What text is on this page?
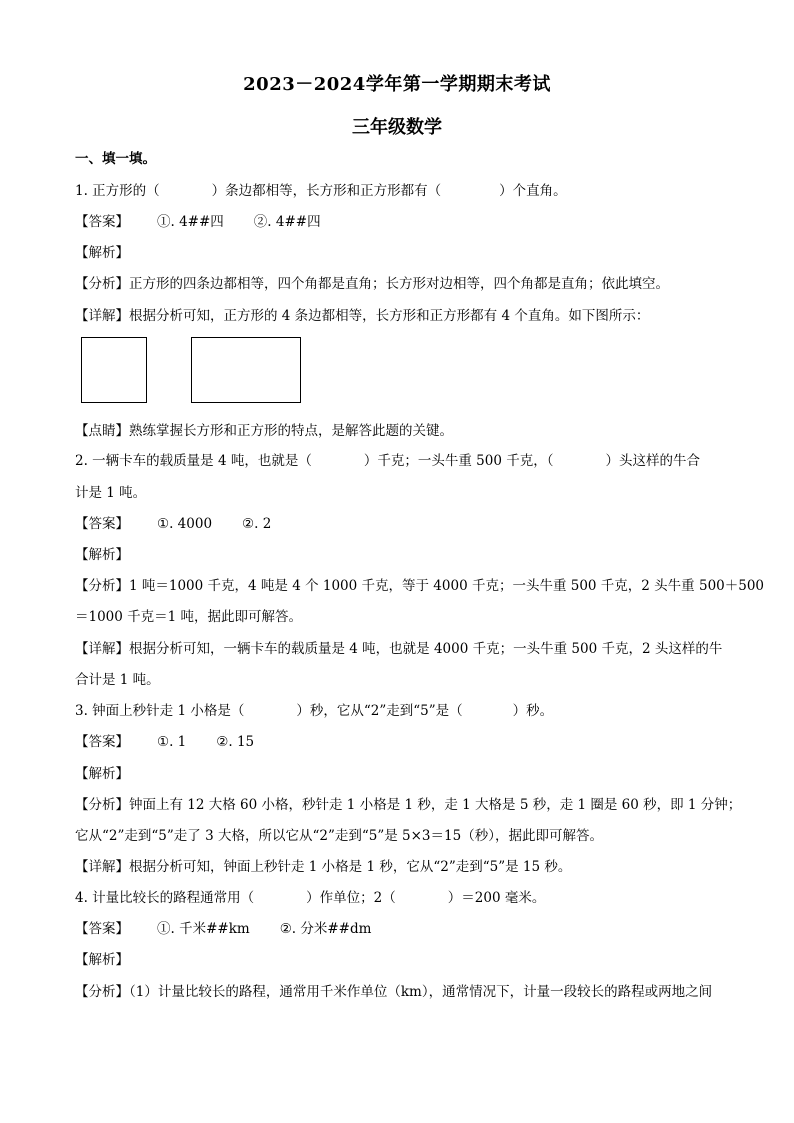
2023－2024学年第一学期期末考试
三年级数学
一、填一填。
1. 正方形的（	）条边都相等，长方形和正方形都有（	）个直角。
【答案】 ①. 4##四 ②. 4##四
【解析】
【分析】正方形的四条边都相等，四个角都是直角；长方形对边相等，四个角都是直角；依此填空。
【详解】根据分析可知，正方形的 4 条边都相等，长方形和正方形都有 4 个直角。如下图所示：
【点睛】熟练掌握长方形和正方形的特点，是解答此题的关键。
2. 一辆卡车的载质量是 4 吨，也就是（	）千克；一头牛重 500 千克，（	）头这样的牛合
计是 1 吨。
【答案】 ①. 4000 ②. 2
【解析】
【分析】1 吨＝1000 千克，4 吨是 4 个 1000 千克，等于 4000 千克；一头牛重 500 千克，2 头牛重 500＋500
＝1000 千克＝1 吨，据此即可解答。
【详解】根据分析可知，一辆卡车的载质量是 4 吨，也就是 4000 千克；一头牛重 500 千克，2 头这样的牛
合计是 1 吨。
3. 钟面上秒针走 1 小格是（	）秒，它从“2”走到“5”是（	）秒。
【答案】 ①. 1 ②. 15
【解析】
【分析】钟面上有 12 大格 60 小格，秒针走 1 小格是 1 秒，走 1 大格是 5 秒，走 1 圈是 60 秒，即 1 分钟；
它从“2”走到“5”走了 3 大格，所以它从“2”走到“5”是 5×3＝15（秒），据此即可解答。
【详解】根据分析可知，钟面上秒针走 1 小格是 1 秒，它从“2”走到“5”是 15 秒。
4. 计量比较长的路程通常用（	）作单位；2（	）＝200 毫米。
【答案】 ①. 千米##km ②. 分米##dm
【解析】
【分析】（1）计量比较长的路程，通常用千米作单位（km），通常情况下，计量一段较长的路程或两地之间
